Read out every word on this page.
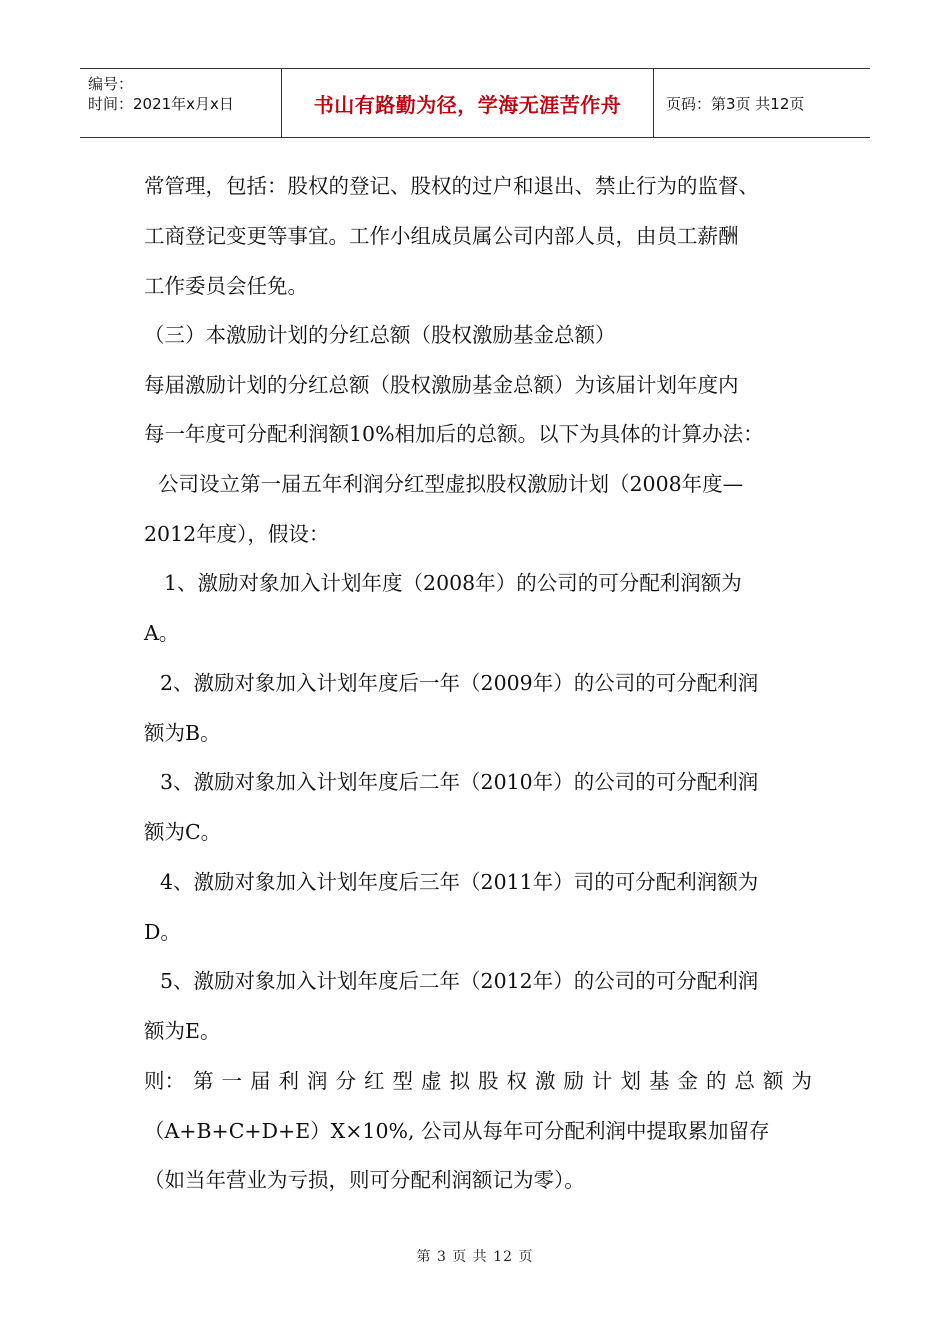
编号：
时间：2021年x月x日	书山有路勤为径，学海无涯苦作舟	页码：第3页 共12页
常管理，包括：股权的登记、股权的过户和退出、禁止行为的监督、
工商登记变更等事宜。工作小组成员属公司内部人员，由员工薪酬
工作委员会任免。
（三）本激励计划的分红总额（股权激励基金总额）
每届激励计划的分红总额（股权激励基金总额）为该届计划年度内
每一年度可分配利润额10%相加后的总额。以下为具体的计算办法：
公司设立第一届五年利润分红型虚拟股权激励计划（2008年度—
2012年度），假设：
1、激励对象加入计划年度（2008年）的公司的可分配利润额为
A。
2、激励对象加入计划年度后一年（2009年）的公司的可分配利润
额为B。
3、激励对象加入计划年度后二年（2010年）的公司的可分配利润
额为C。
4、激励对象加入计划年度后三年（2011年）司的可分配利润额为
D。
5、激励对象加入计划年度后二年（2012年）的公司的可分配利润
额为E。
则： 第 一 届 利 润 分 红 型 虚 拟 股 权 激 励 计 划 基 金 的 总 额 为
（A+B+C+D+E）X×10%, 公司从每年可分配利润中提取累加留存
（如当年营业为亏损，则可分配利润额记为零）。
第 3 页 共 12 页
